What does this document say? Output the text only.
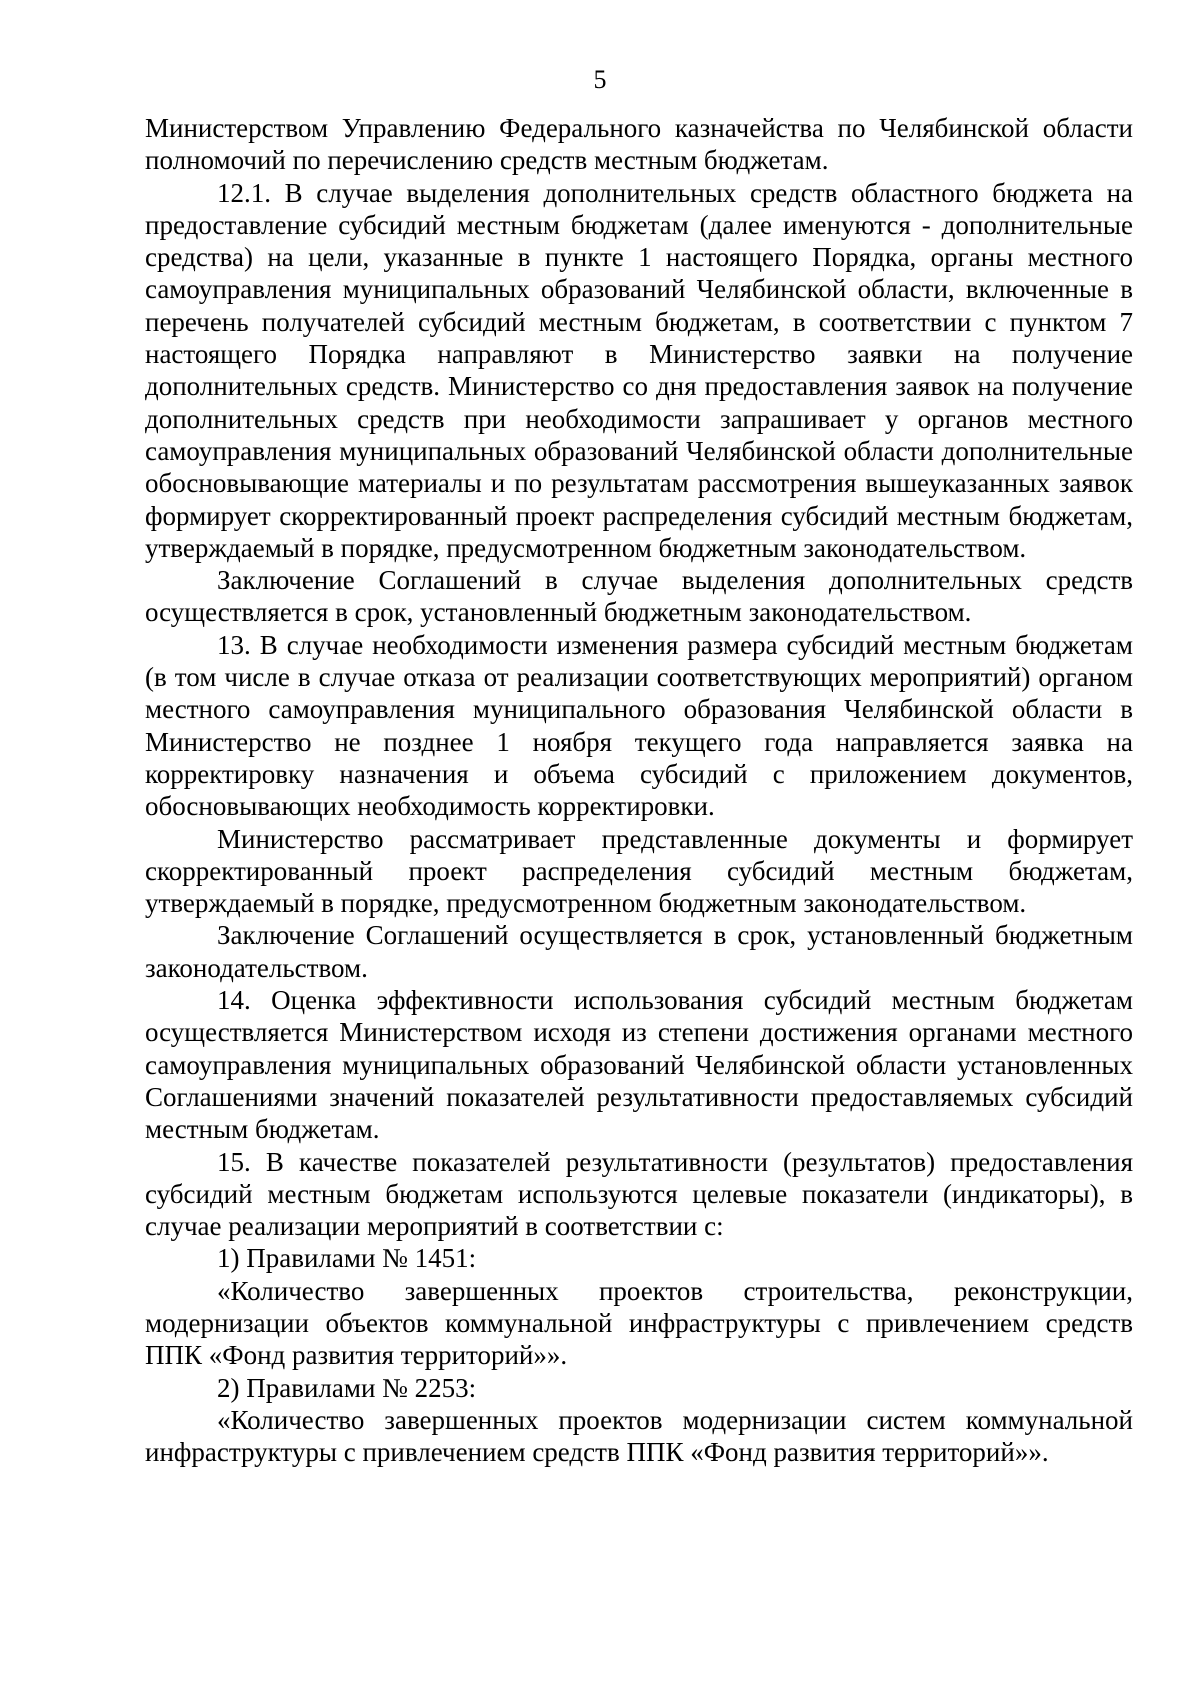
5

Министерством Управлению Федерального казначейства по Челябинской области полномочий по перечислению средств местным бюджетам.

12.1. В случае выделения дополнительных средств областного бюджета на предоставление субсидий местным бюджетам (далее именуются - дополнительные средства) на цели, указанные в пункте 1 настоящего Порядка, органы местного самоуправления муниципальных образований Челябинской области, включенные в перечень получателей субсидий местным бюджетам, в соответствии с пунктом 7 настоящего Порядка направляют в Министерство заявки на получение дополнительных средств. Министерство со дня предоставления заявок на получение дополнительных средств при необходимости запрашивает у органов местного самоуправления муниципальных образований Челябинской области дополнительные обосновывающие материалы и по результатам рассмотрения вышеуказанных заявок формирует скорректированный проект распределения субсидий местным бюджетам, утверждаемый в порядке, предусмотренном бюджетным законодательством.

Заключение Соглашений в случае выделения дополнительных средств осуществляется в срок, установленный бюджетным законодательством.

13. В случае необходимости изменения размера субсидий местным бюджетам (в том числе в случае отказа от реализации соответствующих мероприятий) органом местного самоуправления муниципального образования Челябинской области в Министерство не позднее 1 ноября текущего года направляется заявка на корректировку назначения и объема субсидий с приложением документов, обосновывающих необходимость корректировки.

Министерство рассматривает представленные документы и формирует скорректированный проект распределения субсидий местным бюджетам, утверждаемый в порядке, предусмотренном бюджетным законодательством.

Заключение Соглашений осуществляется в срок, установленный бюджетным законодательством.

14. Оценка эффективности использования субсидий местным бюджетам осуществляется Министерством исходя из степени достижения органами местного самоуправления муниципальных образований Челябинской области установленных Соглашениями значений показателей результативности предоставляемых субсидий местным бюджетам.

15. В качестве показателей результативности (результатов) предоставления субсидий местным бюджетам используются целевые показатели (индикаторы), в случае реализации мероприятий в соответствии с:

1) Правилами № 1451:

«Количество завершенных проектов строительства, реконструкции, модернизации объектов коммунальной инфраструктуры с привлечением средств ППК «Фонд развития территорий»».

2) Правилами № 2253:

«Количество завершенных проектов модернизации систем коммунальной инфраструктуры с привлечением средств ППК «Фонд развития территорий»».
